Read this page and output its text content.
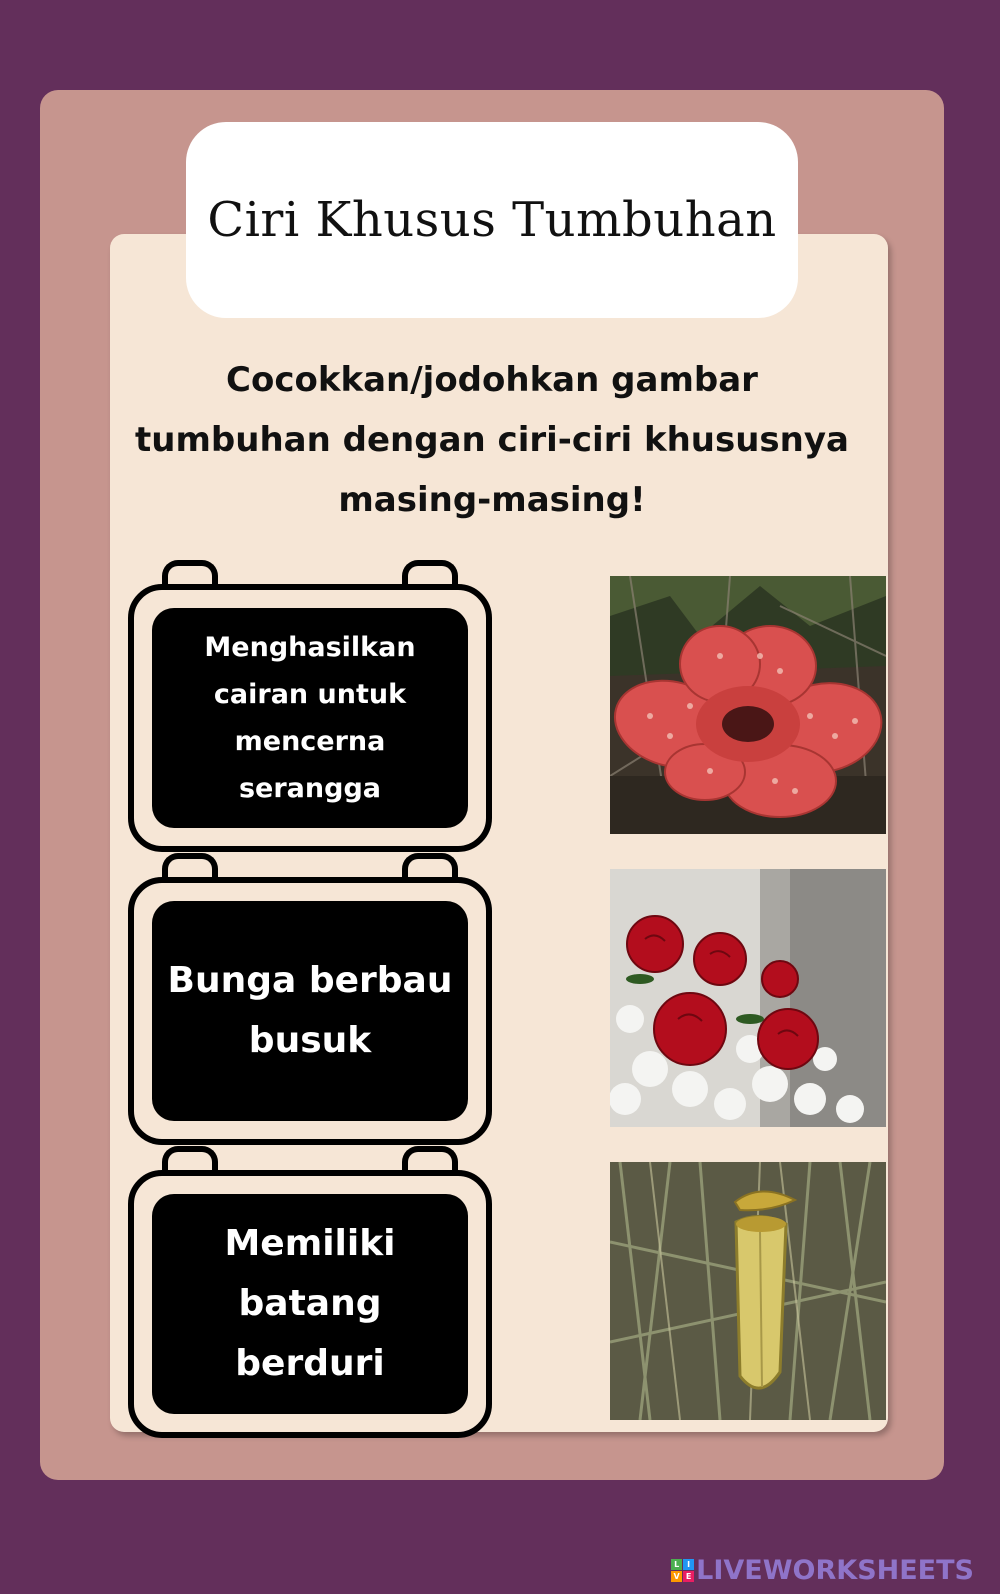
Ciri Khusus Tumbuhan
Cocokkan/jodohkan gambar tumbuhan dengan ciri-ciri khususnya masing-masing!
Menghasilkan cairan untuk mencerna serangga
Bunga berbau busuk
Memiliki batang berduri
L I
V E LIVEWORKSHEETS
